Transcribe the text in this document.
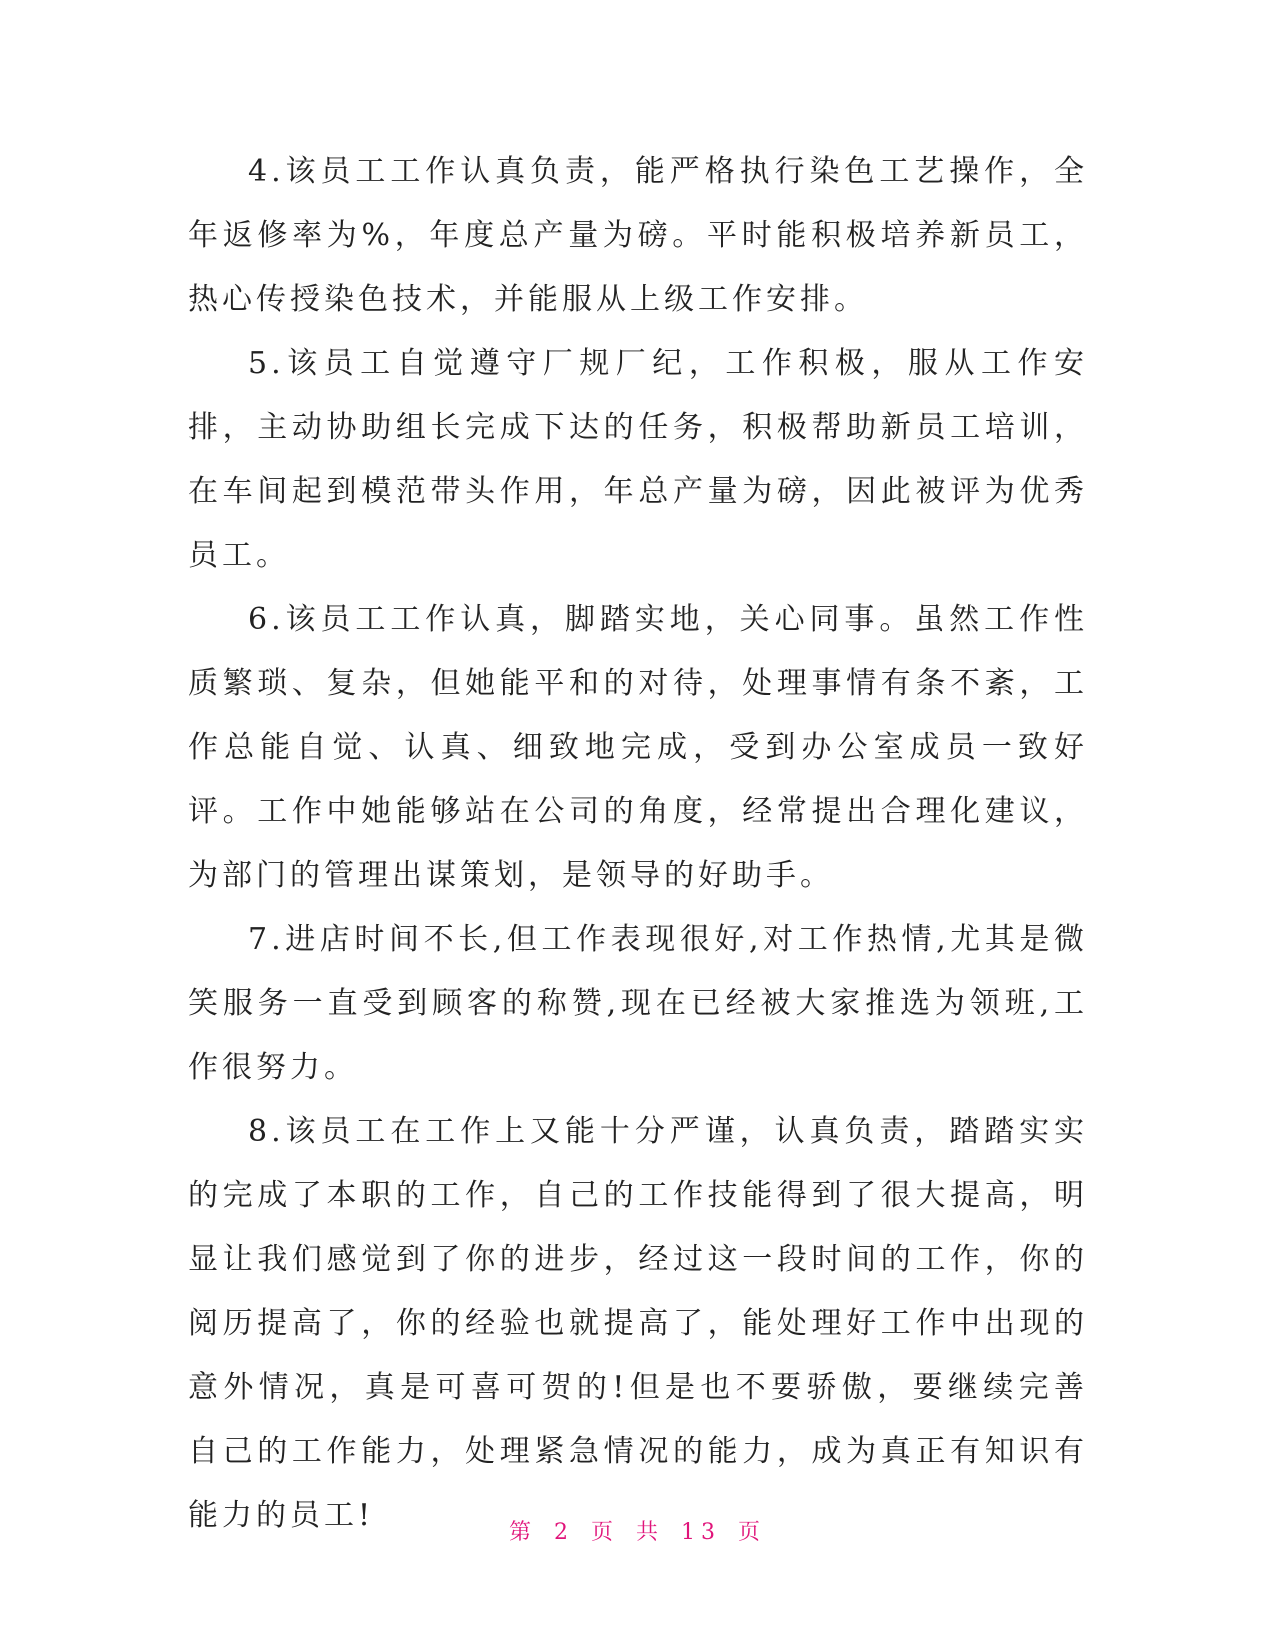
4.该员工工作认真负责，能严格执行染色工艺操作，全年返修率为%，年度总产量为磅。平时能积极培养新员工，热心传授染色技术，并能服从上级工作安排。

5.该员工自觉遵守厂规厂纪，工作积极，服从工作安排，主动协助组长完成下达的任务，积极帮助新员工培训，在车间起到模范带头作用，年总产量为磅，因此被评为优秀员工。

6.该员工工作认真，脚踏实地，关心同事。虽然工作性质繁琐、复杂，但她能平和的对待，处理事情有条不紊，工作总能自觉、认真、细致地完成，受到办公室成员一致好评。工作中她能够站在公司的角度，经常提出合理化建议，为部门的管理出谋策划，是领导的好助手。

7.进店时间不长,但工作表现很好,对工作热情,尤其是微笑服务一直受到顾客的称赞,现在已经被大家推选为领班,工作很努力。

8.该员工在工作上又能十分严谨，认真负责，踏踏实实的完成了本职的工作，自己的工作技能得到了很大提高，明显让我们感觉到了你的进步，经过这一段时间的工作，你的阅历提高了，你的经验也就提高了，能处理好工作中出现的意外情况，真是可喜可贺的!但是也不要骄傲，要继续完善自己的工作能力，处理紧急情况的能力，成为真正有知识有能力的员工!	第 2 页 共 13 页
